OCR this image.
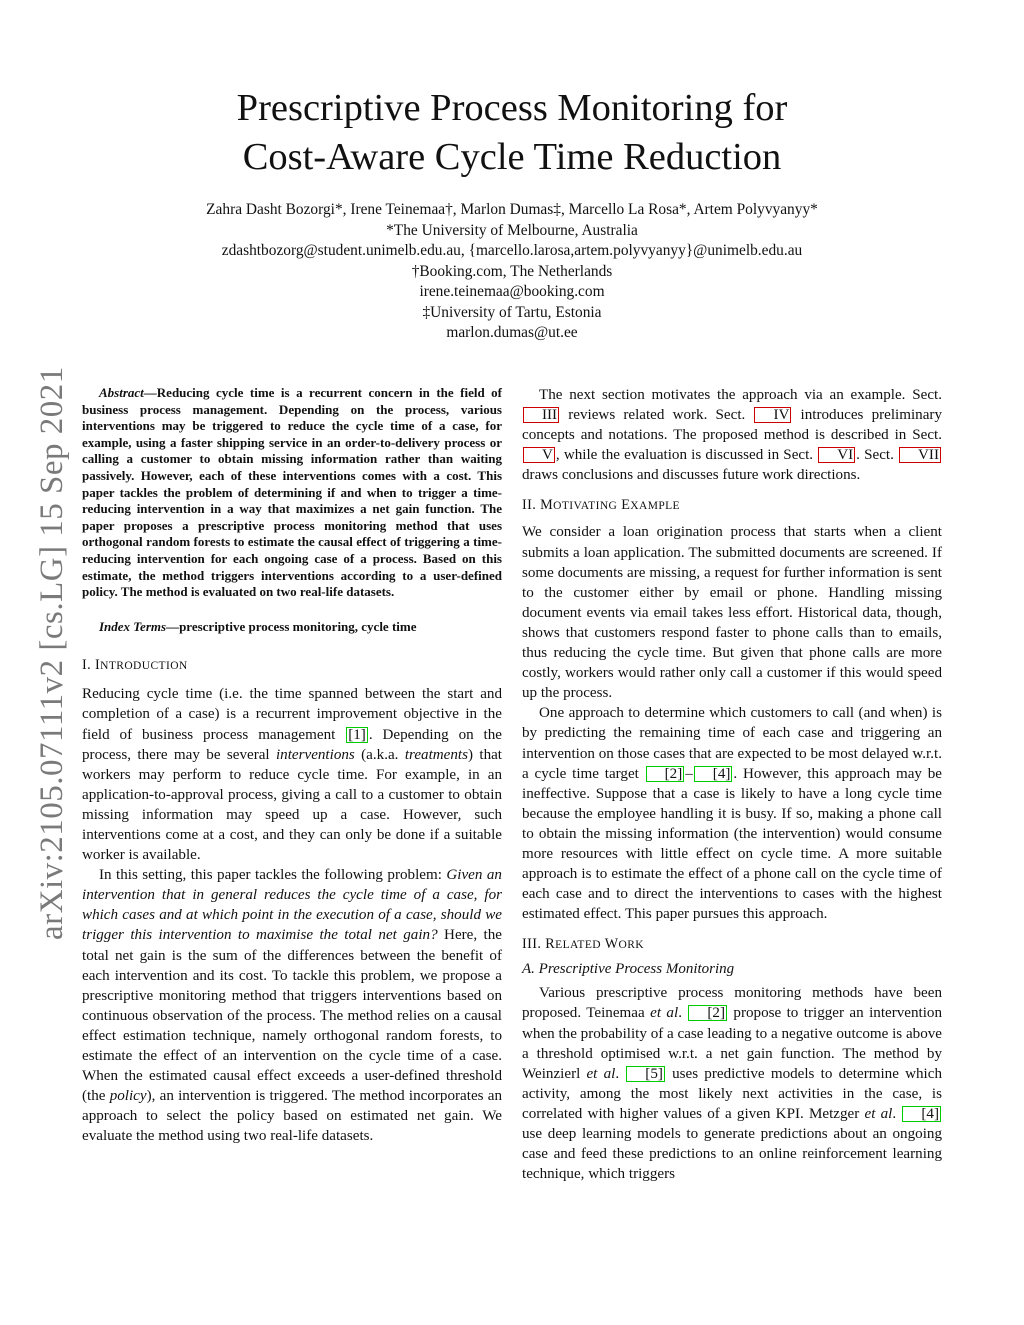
arXiv:2105.07111v2 [cs.LG] 15 Sep 2021
Prescriptive Process Monitoring for
Cost-Aware Cycle Time Reduction
Zahra Dasht Bozorgi*, Irene Teinemaa†, Marlon Dumas‡, Marcello La Rosa*, Artem Polyvyanyy*
*The University of Melbourne, Australia
zdashtbozorg@student.unimelb.edu.au, {marcello.larosa,artem.polyvyanyy}@unimelb.edu.au
†Booking.com, The Netherlands
irene.teinemaa@booking.com
‡University of Tartu, Estonia
marlon.dumas@ut.ee

Abstract—Reducing cycle time is a recurrent concern in the field of business process management. Depending on the process, various interventions may be triggered to reduce the cycle time of a case, for example, using a faster shipping service in an order-to-delivery process or calling a customer to obtain missing information rather than waiting passively. However, each of these interventions comes with a cost. This paper tackles the problem of determining if and when to trigger a time-reducing intervention in a way that maximizes a net gain function. The paper proposes a prescriptive process monitoring method that uses orthogonal random forests to estimate the causal effect of triggering a time-reducing intervention for each ongoing case of a process. Based on this estimate, the method triggers interventions according to a user-defined policy. The method is evaluated on two real-life datasets.

Index Terms—prescriptive process monitoring, cycle time

I. INTRODUCTION

Reducing cycle time (i.e. the time spanned between the start and completion of a case) is a recurrent improvement objective in the field of business process management [1] . Depending on the process, there may be several interventions (a.k.a. treatments) that workers may perform to reduce cycle time. For example, in an application-to-approval process, giving a call to a customer to obtain missing information may speed up a case. However, such interventions come at a cost, and they can only be done if a suitable worker is available.

In this setting, this paper tackles the following problem: Given an intervention that in general reduces the cycle time of a case, for which cases and at which point in the execution of a case, should we trigger this intervention to maximise the total net gain? Here, the total net gain is the sum of the differences between the benefit of each intervention and its cost. To tackle this problem, we propose a prescriptive monitoring method that triggers interventions based on continuous observation of the process. The method relies on a causal effect estimation technique, namely orthogonal random forests, to estimate the effect of an intervention on the cycle time of a case. When the estimated causal effect exceeds a user-defined threshold (the policy), an intervention is triggered. The method incorporates an approach to select the policy based on estimated net gain. We evaluate the method using two real-life datasets.

The next section motivates the approach via an example. Sect. III reviews related work. Sect. IV introduces preliminary concepts and notations. The proposed method is described in Sect. V , while the evaluation is discussed in Sect. VI . Sect. VII draws conclusions and discusses future work directions.

II. MOTIVATING EXAMPLE

We consider a loan origination process that starts when a client submits a loan application. The submitted documents are screened. If some documents are missing, a request for further information is sent to the customer either by email or phone. Handling missing document events via email takes less effort. Historical data, though, shows that customers respond faster to phone calls than to emails, thus reducing the cycle time. But given that phone calls are more costly, workers would rather only call a customer if this would speed up the process.

One approach to determine which customers to call (and when) is by predicting the remaining time of each case and triggering an intervention on those cases that are expected to be most delayed w.r.t. a cycle time target [2] – [4] . However, this approach may be ineffective. Suppose that a case is likely to have a long cycle time because the employee handling it is busy. If so, making a phone call to obtain the missing information (the intervention) would consume more resources with little effect on cycle time. A more suitable approach is to estimate the effect of a phone call on the cycle time of each case and to direct the interventions to cases with the highest estimated effect. This paper pursues this approach.

III. RELATED WORK

A. Prescriptive Process Monitoring

Various prescriptive process monitoring methods have been proposed. Teinemaa et al. [2] propose to trigger an intervention when the probability of a case leading to a negative outcome is above a threshold optimised w.r.t. a net gain function. The method by Weinzierl et al. [5] uses predictive models to determine which activity, among the most likely next activities in the case, is correlated with higher values of a given KPI. Metzger et al. [4] use deep learning models to generate predictions about an ongoing case and feed these predictions to an online reinforcement learning technique, which triggers
